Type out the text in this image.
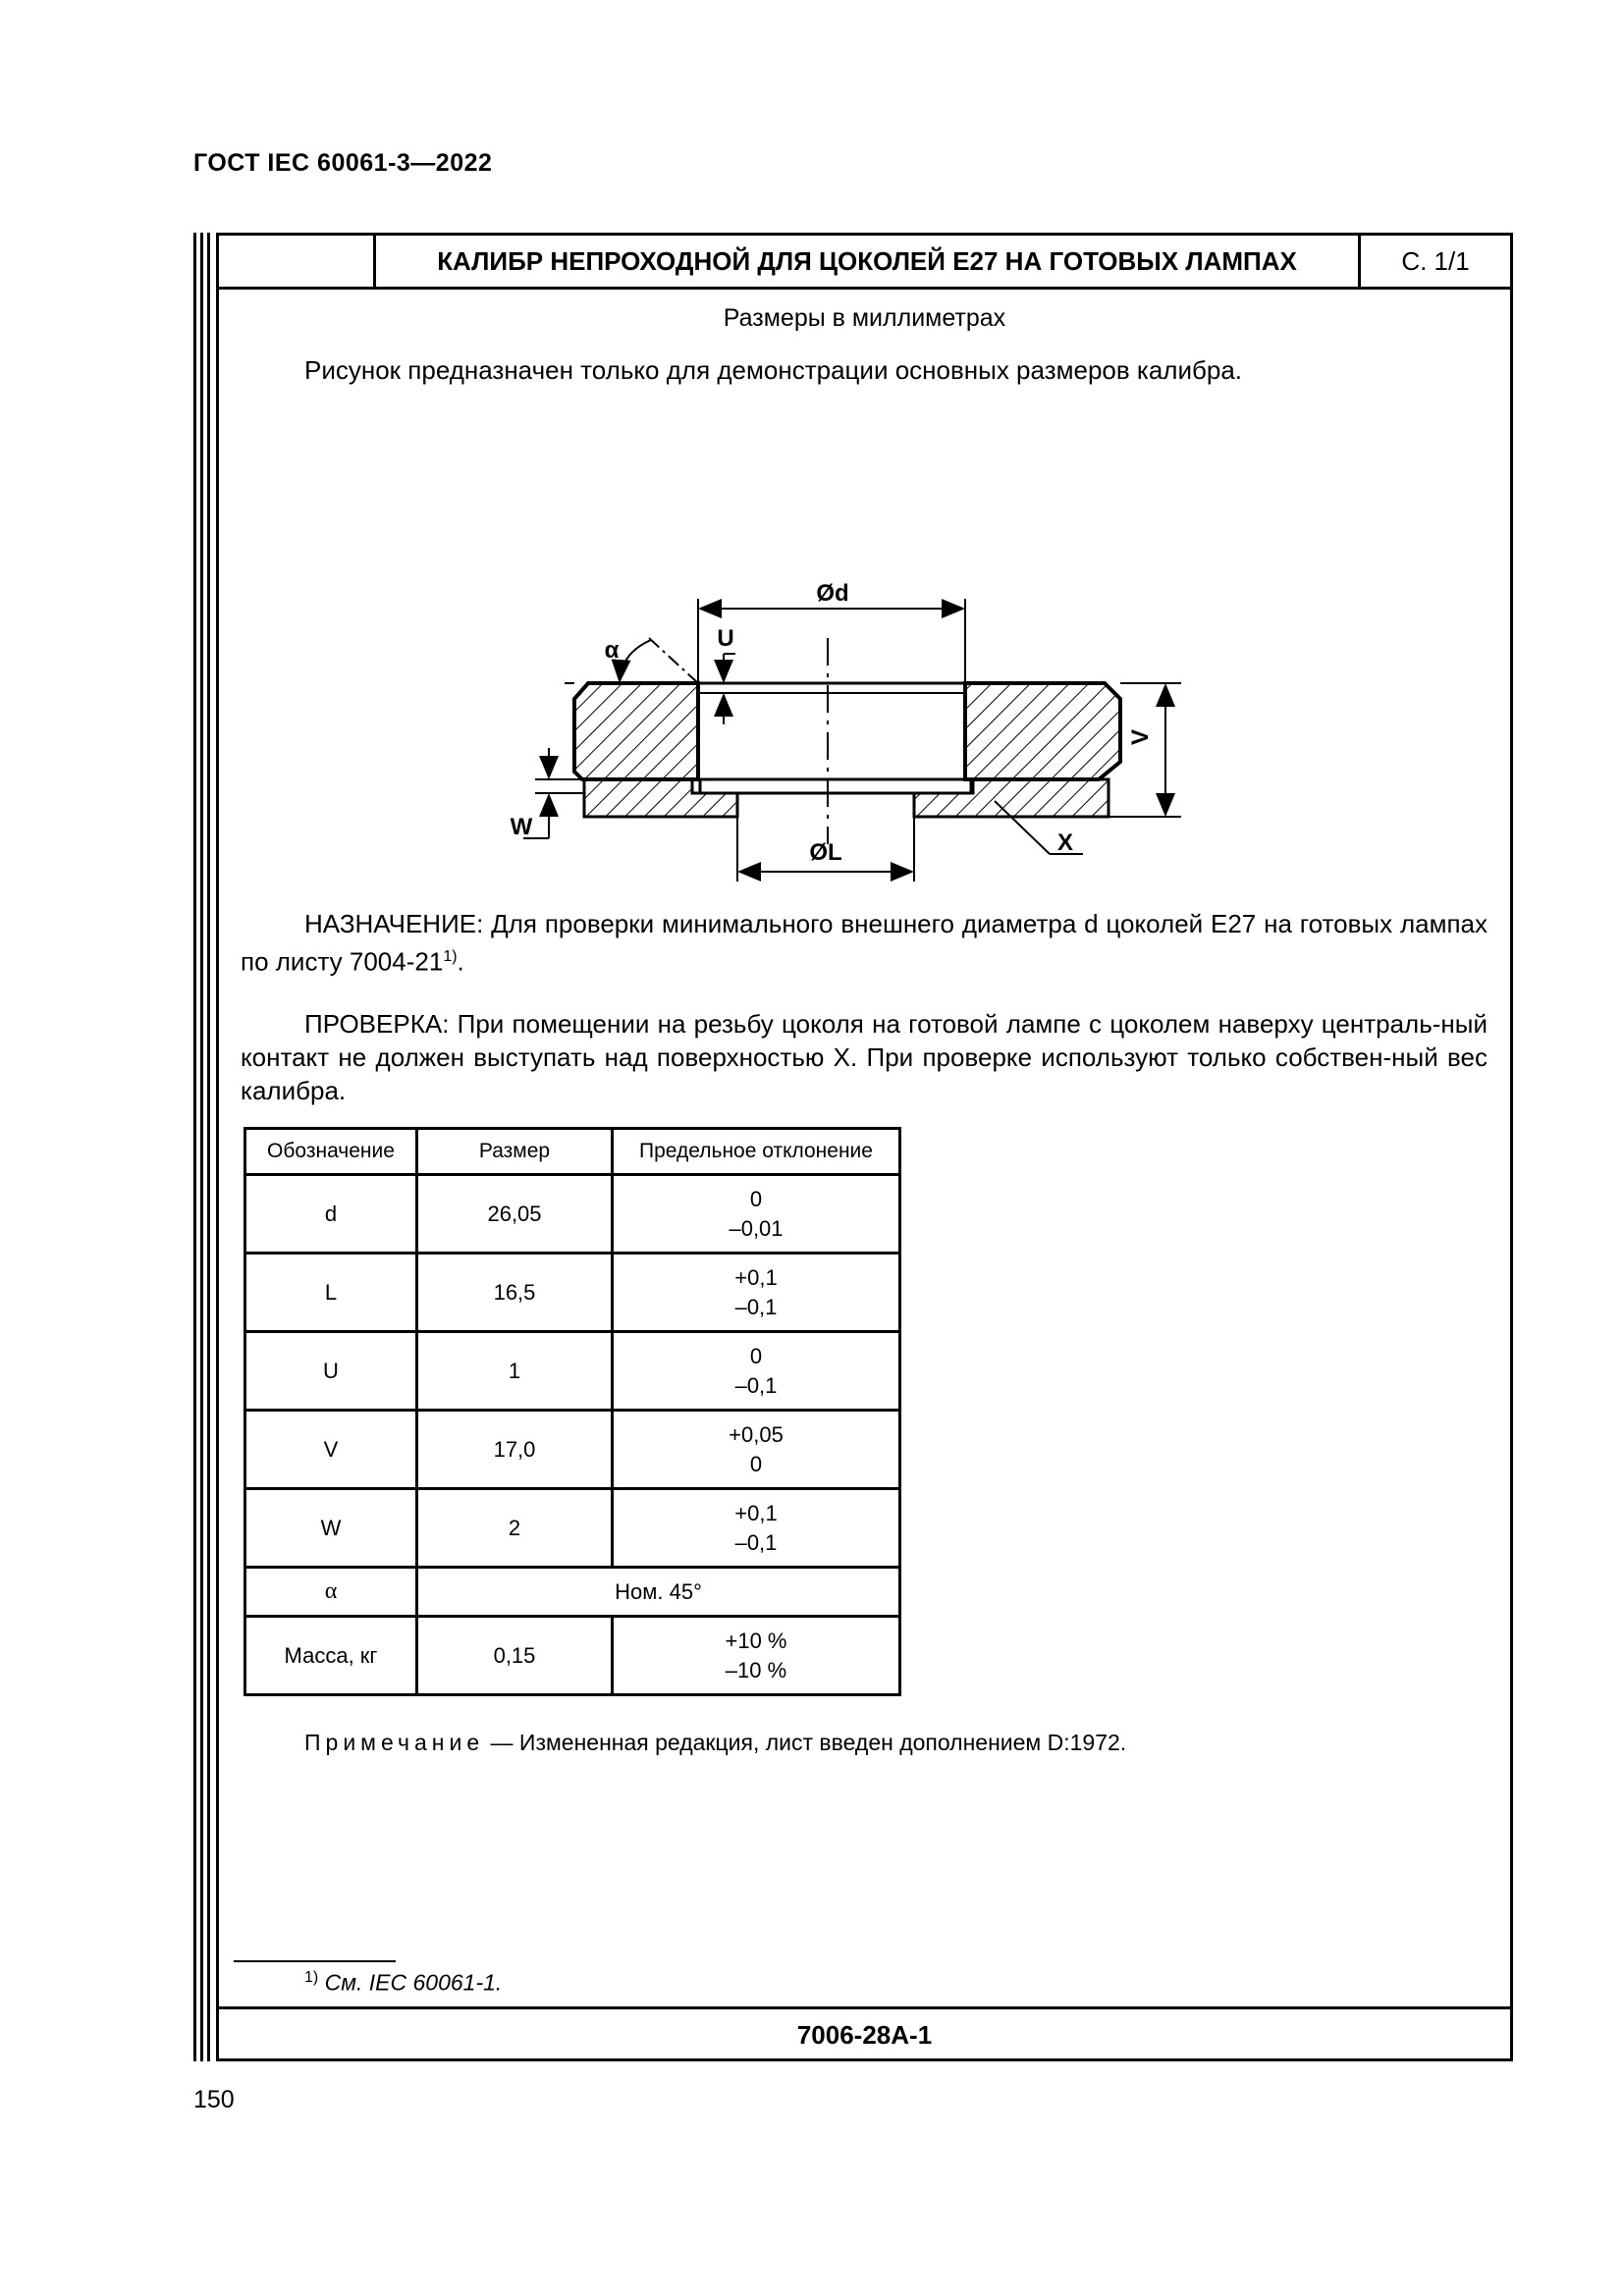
ГОСТ IEC 60061-3—2022
КАЛИБР НЕПРОХОДНОЙ ДЛЯ ЦОКОЛЕЙ Е27 НА ГОТОВЫХ ЛАМПАХ	С. 1/1
Размеры в миллиметрах
Рисунок предназначен только для демонстрации основных размеров калибра.
Ød
V
U
W
ØL	X
α
НАЗНАЧЕНИЕ: Для проверки минимального внешнего диаметра d цоколей E27 на готовых лампах по листу 7004-21$^{1)}$.
ПРОВЕРКА: При помещении на резьбу цоколя на готовой лампе с цоколем наверху централь-ный контакт не должен выступать над поверхностью X. При проверке используют только собствен-ный вес калибра.
Обозначение	Размер	Предельное отклонение
d	26,05	0
–0,01

L	16,5	+0,1
–0,1

U	1	0
–0,1

V	17,0	+0,05
0

W	2	+0,1
–0,1

α	Ном. 45°	
Масса, кг	0,15	+10 %
–10 %
Примечание — Измененная редакция, лист введен дополнением D:1972.
$^{1)}$ См. IEC 60061-1.
7006-28A-1
150
